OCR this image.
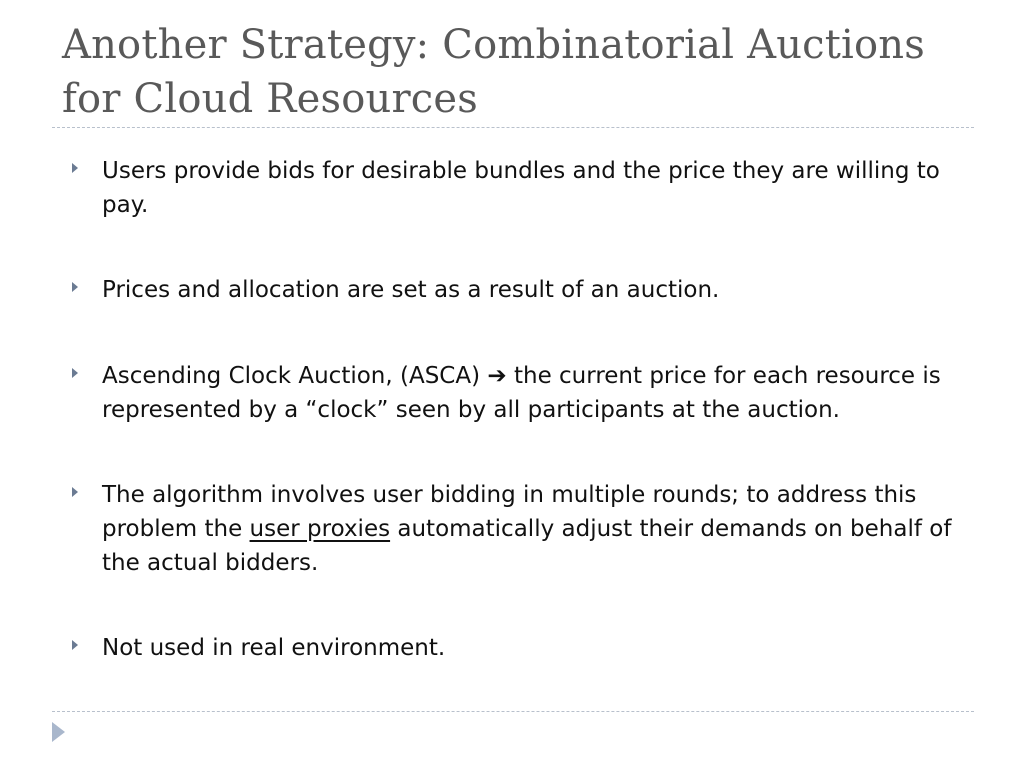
Another Strategy: Combinatorial Auctions for Cloud Resources

Users provide bids for desirable bundles and the price they are willing to pay.

Prices and allocation are set as a result of an auction.

Ascending Clock Auction, (ASCA) ➔ the current price for each resource is represented by a “clock” seen by all participants at the auction.

The algorithm involves user bidding in multiple rounds; to address this problem the user proxies automatically adjust their demands on behalf of the actual bidders.

Not used in real environment.
